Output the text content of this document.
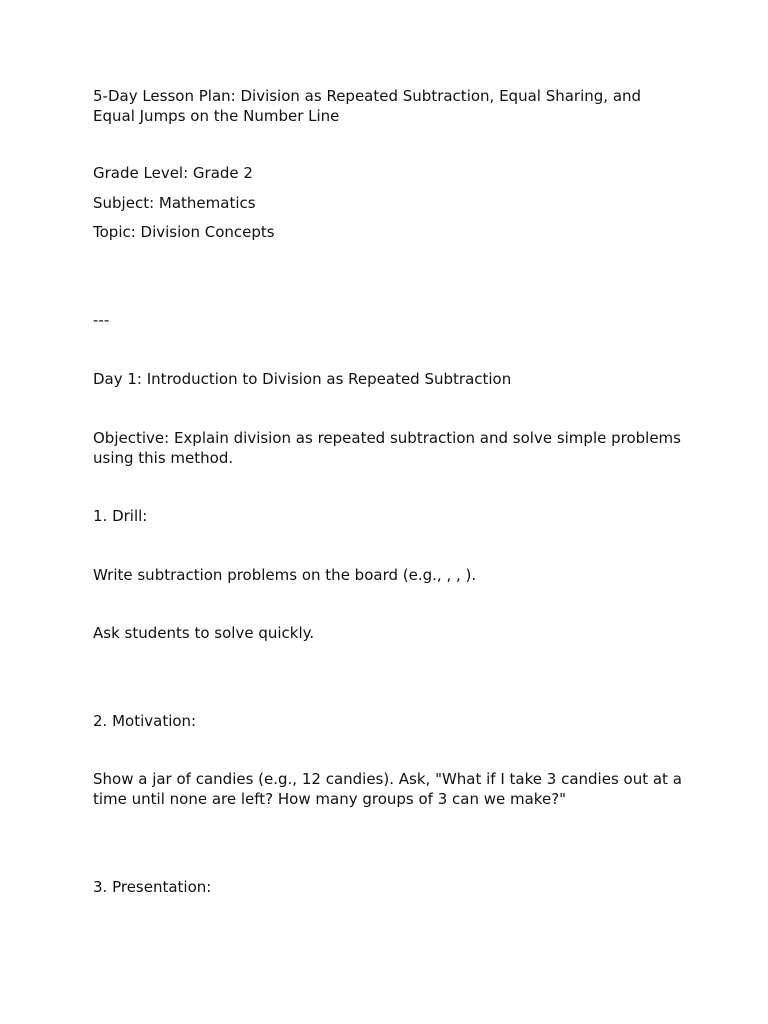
5-Day Lesson Plan: Division as Repeated Subtraction, Equal Sharing, and Equal Jumps on the Number Line

Grade Level: Grade 2

Subject: Mathematics

Topic: Division Concepts

---

Day 1: Introduction to Division as Repeated Subtraction

Objective: Explain division as repeated subtraction and solve simple problems using this method.

1. Drill:

Write subtraction problems on the board (e.g., , , ).

Ask students to solve quickly.

2. Motivation:

Show a jar of candies (e.g., 12 candies). Ask, "What if I take 3 candies out at a time until none are left? How many groups of 3 can we make?"

3. Presentation:
